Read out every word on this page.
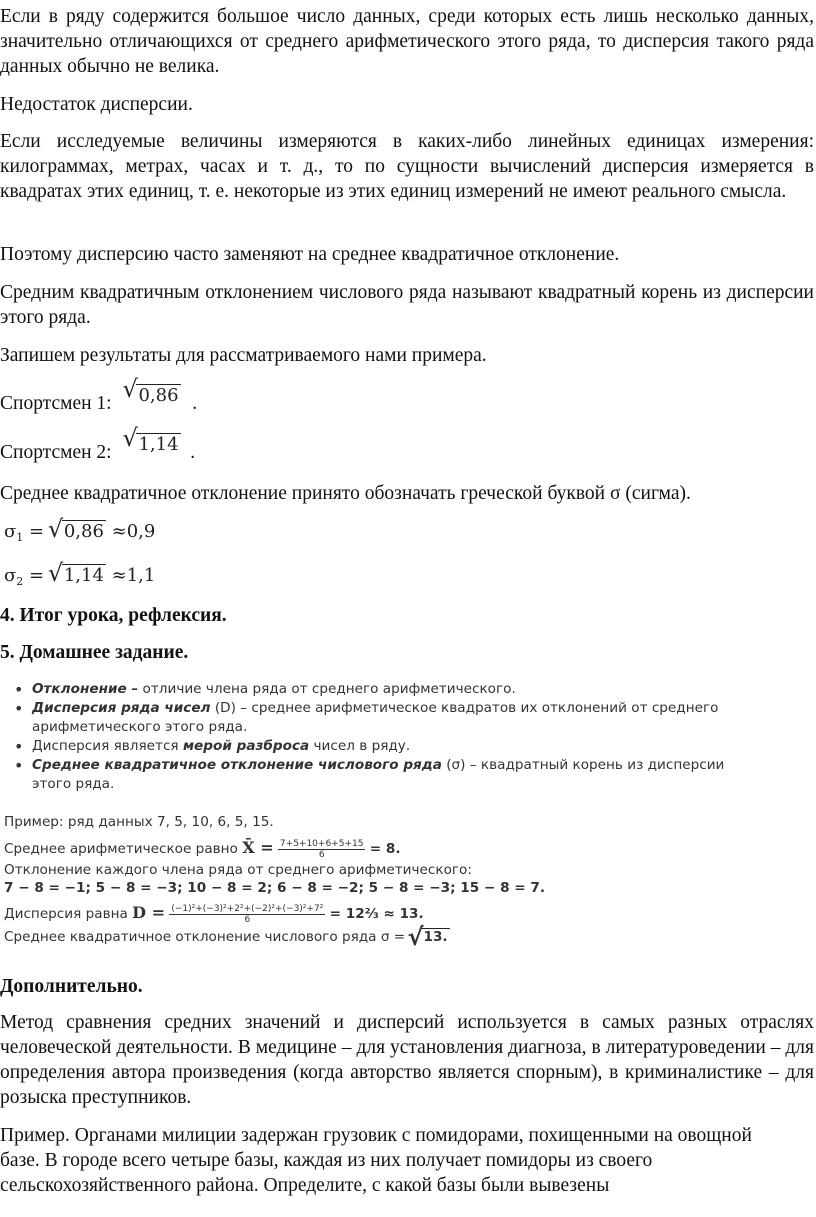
Если в ряду содержится большое число данных, среди которых есть лишь несколько данных, значительно отличающихся от среднего арифметического этого ряда, то дисперсия такого ряда данных обычно не велика.

Недостаток дисперсии.

Если исследуемые величины измеряются в каких-либо линейных единицах измерения: килограммах, метрах, часах и т. д., то по сущности вычислений дисперсия измеряется в квадратах этих единиц, т. е. некоторые из этих единиц измерений не имеют реального смысла.

Поэтому дисперсию часто заменяют на среднее квадратичное отклонение.

Средним квадратичным отклонением числового ряда называют квадратный корень из дисперсии этого ряда.

Запишем результаты для рассматриваемого нами примера.

Спортсмен 1: √ 0,86 .
Спортсмен 2: √ 1,14 .

Среднее квадратичное отклонение принято обозначать греческой буквой σ (сигма).

$\sigma_1$ = √ 0,86 ≈0,9
$\sigma_2$ = √ 1,14 ≈1,1

4. Итог урока, рефлексия.

5. Домашнее задание.

• Отклонение – отличие члена ряда от среднего арифметического.
• Дисперсия ряда чисел (D) – среднее арифметическое квадратов их отклонений от среднего арифметического этого ряда.
• Дисперсия является мерой разброса чисел в ряду.
• Среднее квадратичное отклонение числового ряда (σ) – квадратный корень из дисперсии этого ряда.
Пример: ряд данных 7, 5, 10, 6, 5, 15.
Среднее арифметическое равно X̄ = $\frac{7+5+10+6+5+15}{6} = 8$.
Отклонение каждого члена ряда от среднего арифметического:
7 − 8 = −1; 5 − 8 = −3; 10 − 8 = 2; 6 − 8 = −2; 5 − 8 = −3; 15 − 8 = 7.
Дисперсия равна $D = \frac{\text{(−1)²+(−3)²+2²+(−2)²+(−3)²+7²}}{6}$ = 12⅔ ≈ 13.
Среднее квадратичное отклонение числового ряда σ = √ 13.

Дополнительно.

Метод сравнения средних значений и дисперсий используется в самых разных отраслях человеческой деятельности. В медицине – для установления диагноза, в литературоведении – для определения автора произведения (когда авторство является спорным), в криминалистике – для розыска преступников.

Пример. Органами милиции задержан грузовик с помидорами, похищенными на овощной базе. В городе всего четыре базы, каждая из них получает помидоры из своего сельскохозяйственного района. Определите, с какой базы были вывезены
